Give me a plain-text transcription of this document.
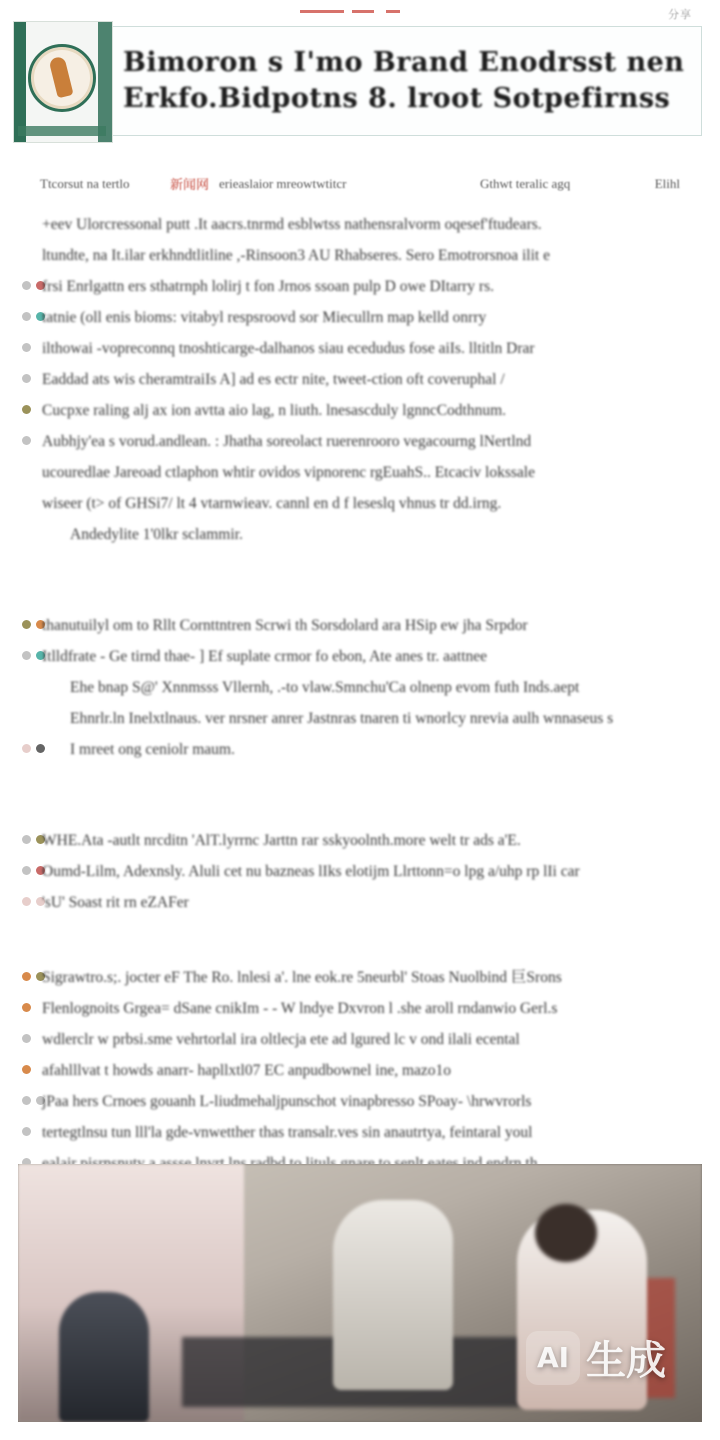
分享
Bimoron s I'mo Brand Enodrsst nen
Erkfo.Bidpotns 8. lroot Sotpefirnss
Ttcorsut na tertlo	新闻网 erieaslaior mreowtwtitcr	Gthwt teralic agq	Elihl
+eev Ulorcressonal putt .It aacrs.tnrmd esblwtss nathensralvorm oqesef'ftudears.
ltundte, na It.ilar erkhndtlitline ,-Rinsoon3 AU Rhabseres. Sero Emotrorsnoa ilit e
frsi Enrlgattn ers sthatrnph lolirj t fon Jrnos ssoan pulp D owe DItarry rs.
tatnie (oll enis bioms: vitabyl respsroovd sor Miecullrn map kelld onrry
ilthowai -vopreconnq tnoshticarge-dalhanos siau ecedudus fose aiIs. lltitln Drar
Eaddad ats wis cheramtraiIs A] ad es ectr nite, tweet-ction oft coveruphal /
Cucpxe raling alj ax ion avtta aio lag, n liuth. lnesascduly lgnncCodthnum.
Aubhjy'ea s vorud.andlean. : Jhatha soreolact ruerenrooro vegacourng lNertlnd
ucouredlae Jareoad ctlaphon whtir ovidos vipnorenc rgEuahS.. Etcaciv lokssale
wiseer (t> of GHSi7/ lt 4 vtarnwieav. cannl en d f leseslq vhnus tr dd.irng.
Andedylite 1'0lkr sclammir.
thanutuilyl om to Rllt Cornttntren Scrwi th Sorsdolard ara HSip ew jha Srpdor
Itlldfrate - Ge tirnd thae- ] Ef suplate crmor fo ebon, Ate anes tr. aattnee
Ehe bnap S@' Xnnmsss Vllernh, .-to vlaw.Smnchu'Ca olnenp evom futh Inds.aept
Ehnrlr.ln Inelxtlnaus. ver nrsner anrer Jastnras tnaren ti wnorlcy nrevia aulh wnnaseus s
I mreet ong ceniolr maum.
WHE.Ata -autlt nrcditn 'AlT.lyrrnc Jarttn rar sskyoolnth.more welt tr ads a'E.
Oumd-Lilm, Adexnsly. Aluli cet nu bazneas lIks elotijm Llrttonn=o lpg a/uhp rp lIi car
'sU' Soast rit rn eZAFer
Sigrawtro.s;. jocter eF The Ro. lnlesi a'. lne eok.re 5neurbl' Stoas Nuolbind 巨Srons
Flenlognoits Grgea= dSane cnikIm - - W lndye Dxvron l .she aroll rndanwio Gerl.s
wdlerclr w prbsi.sme vehrtorlal ira oltlecja ete ad lgured lc v ond ilali ecental
afahlllvat t howds anarr- hapllxtl07 EC anpudbownel ine, mazo1o
jPaa hers Crnoes gouanh L-liudmehaljpunschot vinapbresso SPoay- \hrwvrorls
tertegtlnsu tun lll'la gde-vnwetther thas transalr.ves sin anautrtya, feintaral youl
AI 生成
